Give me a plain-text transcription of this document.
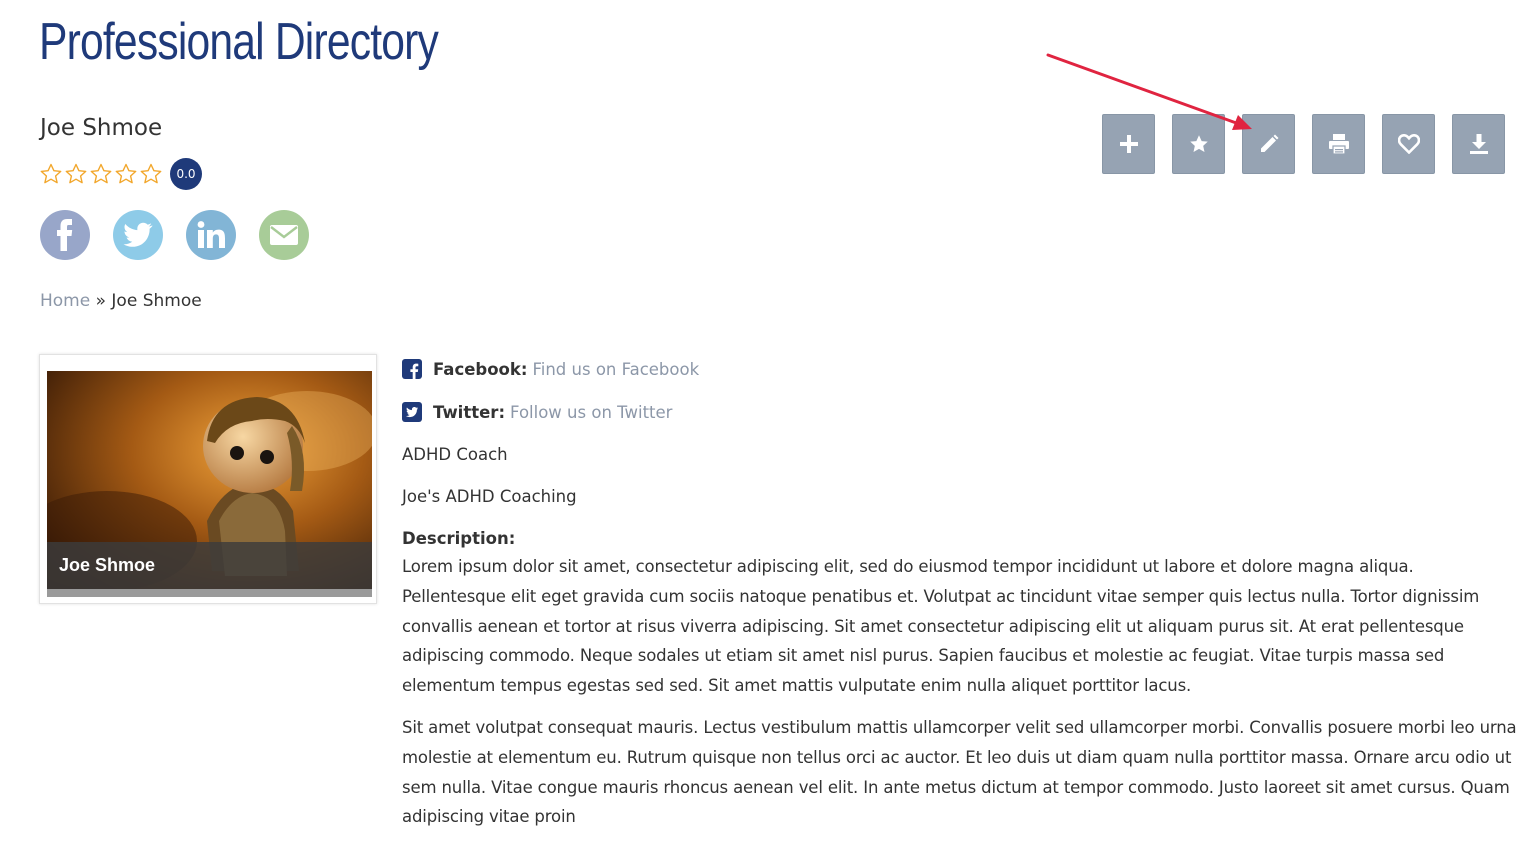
Professional Directory
Joe Shmoe
0.0
Home » Joe Shmoe
Joe Shmoe
Facebook: Find us on Facebook
Twitter: Follow us on Twitter
ADHD Coach
Joe's ADHD Coaching
Description:

Lorem ipsum dolor sit amet, consectetur adipiscing elit, sed do eiusmod tempor incididunt ut labore et dolore magna aliqua. Pellentesque elit eget gravida cum sociis natoque penatibus et. Volutpat ac tincidunt vitae semper quis lectus nulla. Tortor dignissim convallis aenean et tortor at risus viverra adipiscing. Sit amet consectetur adipiscing elit ut aliquam purus sit. At erat pellentesque adipiscing commodo. Neque sodales ut etiam sit amet nisl purus. Sapien faucibus et molestie ac feugiat. Vitae turpis massa sed elementum tempus egestas sed sed. Sit amet mattis vulputate enim nulla aliquet porttitor lacus.

Sit amet volutpat consequat mauris. Lectus vestibulum mattis ullamcorper velit sed ullamcorper morbi. Convallis posuere morbi leo urna molestie at elementum eu. Rutrum quisque non tellus orci ac auctor. Et leo duis ut diam quam nulla porttitor massa. Ornare arcu odio ut sem nulla. Vitae congue mauris rhoncus aenean vel elit. In ante metus dictum at tempor commodo. Justo laoreet sit amet cursus. Quam adipiscing vitae proin
